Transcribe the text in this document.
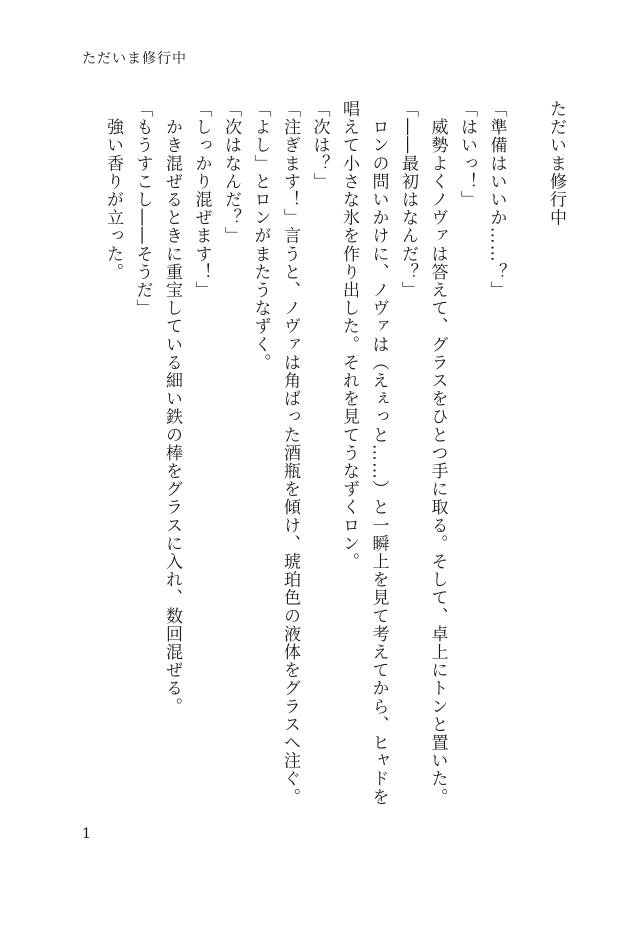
ただいま修行中

ただいま修行中

「準備はいいか……？」

「はいっ！」

　威勢よくノヴァは答えて、グラスをひとつ手に取る。そして、卓上にトンと置いた。

「――最初はなんだ？」

　ロンの問いかけに、ノヴァは（えぇっと……）と一瞬上を見て考えてから、ヒャドを

唱えて小さな氷を作り出した。それを見てうなずくロン。

「次は？」

「注ぎます！」言うと、ノヴァは角ばった酒瓶を傾け、琥珀色の液体をグラスへ注ぐ。

「よし」とロンがまたうなずく。

「次はなんだ？」

「しっかり混ぜます！」

　かき混ぜるときに重宝している細い鉄の棒をグラスに入れ、数回混ぜる。

「もうすこし――そうだ」

　強い香りが立った。

1
